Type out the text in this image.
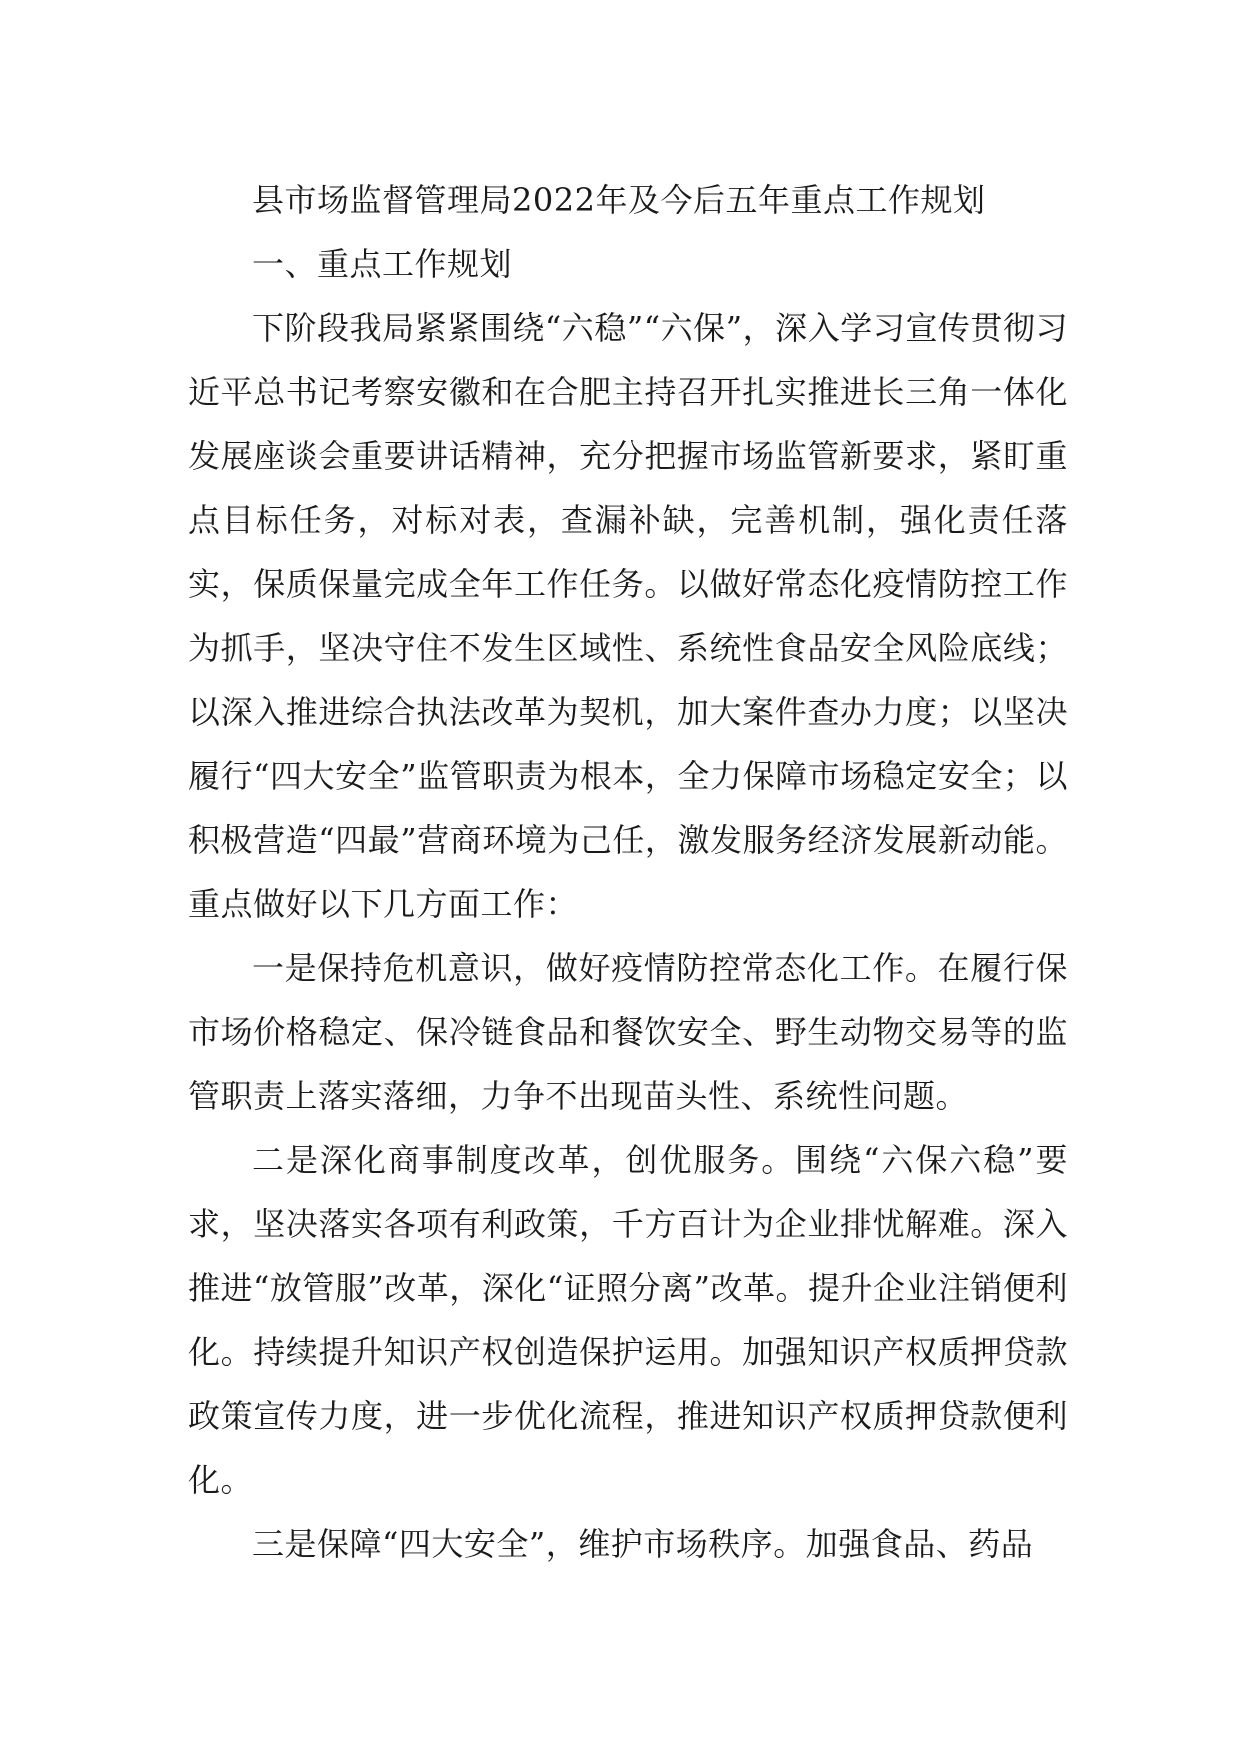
县市场监督管理局2022年及今后五年重点工作规划

一、重点工作规划

下阶段我局紧紧围绕“六稳”“六保”，深入学习宣传贯彻习近平总书记考察安徽和在合肥主持召开扎实推进长三角一体化发展座谈会重要讲话精神，充分把握市场监管新要求，紧盯重点目标任务，对标对表，查漏补缺，完善机制，强化责任落实，保质保量完成全年工作任务。以做好常态化疫情防控工作为抓手，坚决守住不发生区域性、系统性食品安全风险底线；以深入推进综合执法改革为契机，加大案件查办力度；以坚决履行“四大安全”监管职责为根本，全力保障市场稳定安全；以积极营造“四最”营商环境为己任，激发服务经济发展新动能。重点做好以下几方面工作：

一是保持危机意识，做好疫情防控常态化工作。在履行保市场价格稳定、保冷链食品和餐饮安全、野生动物交易等的监管职责上落实落细，力争不出现苗头性、系统性问题。

二是深化商事制度改革，创优服务。围绕“六保六稳”要求，坚决落实各项有利政策，千方百计为企业排忧解难。深入推进“放管服”改革，深化“证照分离”改革。提升企业注销便利化。持续提升知识产权创造保护运用。加强知识产权质押贷款政策宣传力度，进一步优化流程，推进知识产权质押贷款便利化。

三是保障“四大安全”，维护市场秩序。加强食品、药品
